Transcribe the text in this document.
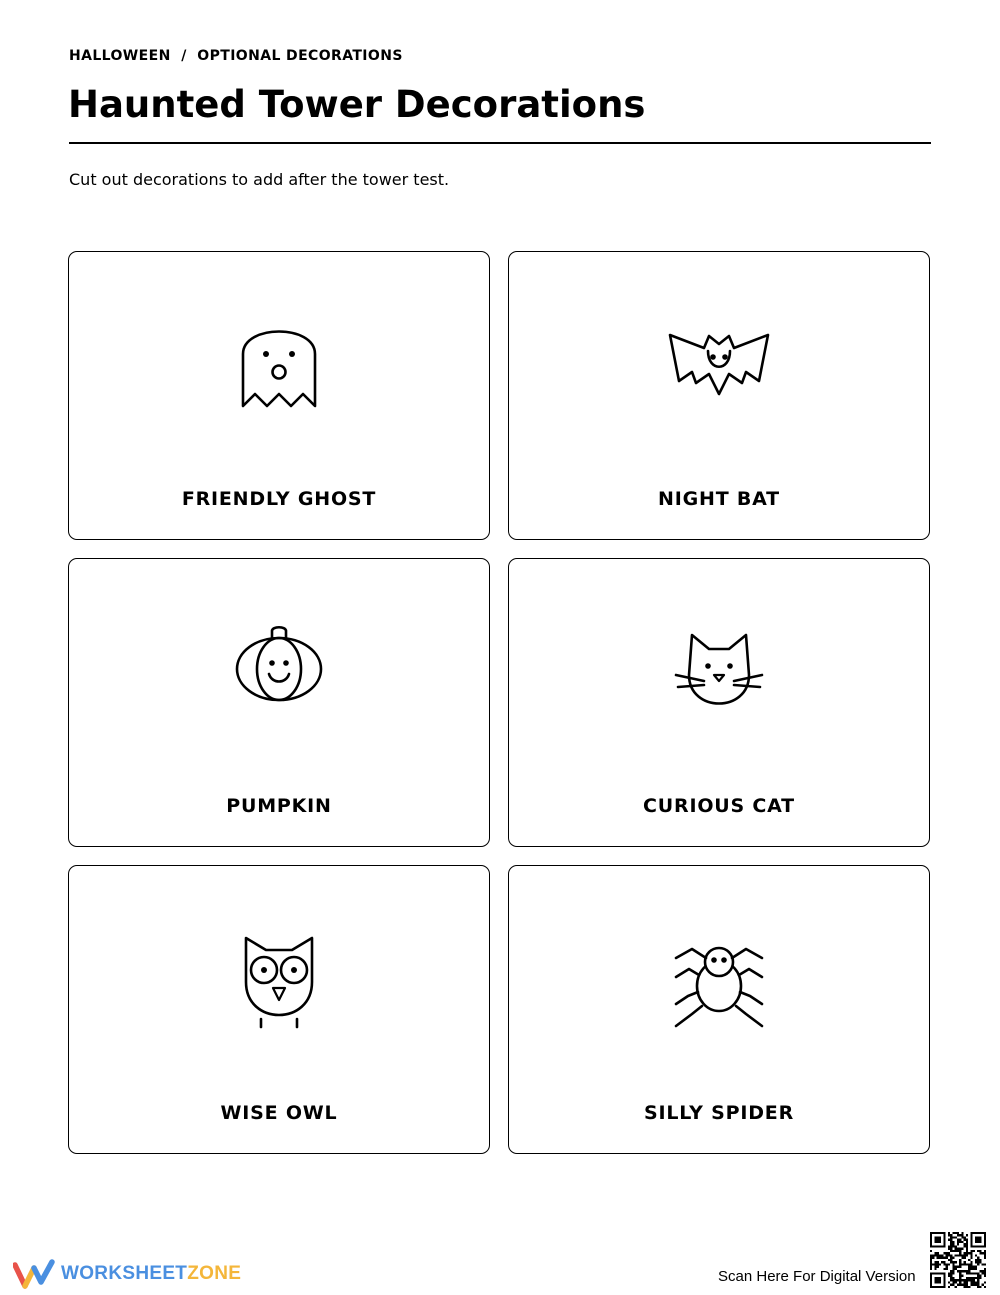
HALLOWEEN  /  OPTIONAL DECORATIONS
Haunted Tower Decorations
Cut out decorations to add after the tower test.
FRIENDLY GHOST	NIGHT BAT
PUMPKIN	CURIOUS CAT
WISE OWL	SILLY SPIDER
WORKSHEETZONE	Scan Here For Digital Version
